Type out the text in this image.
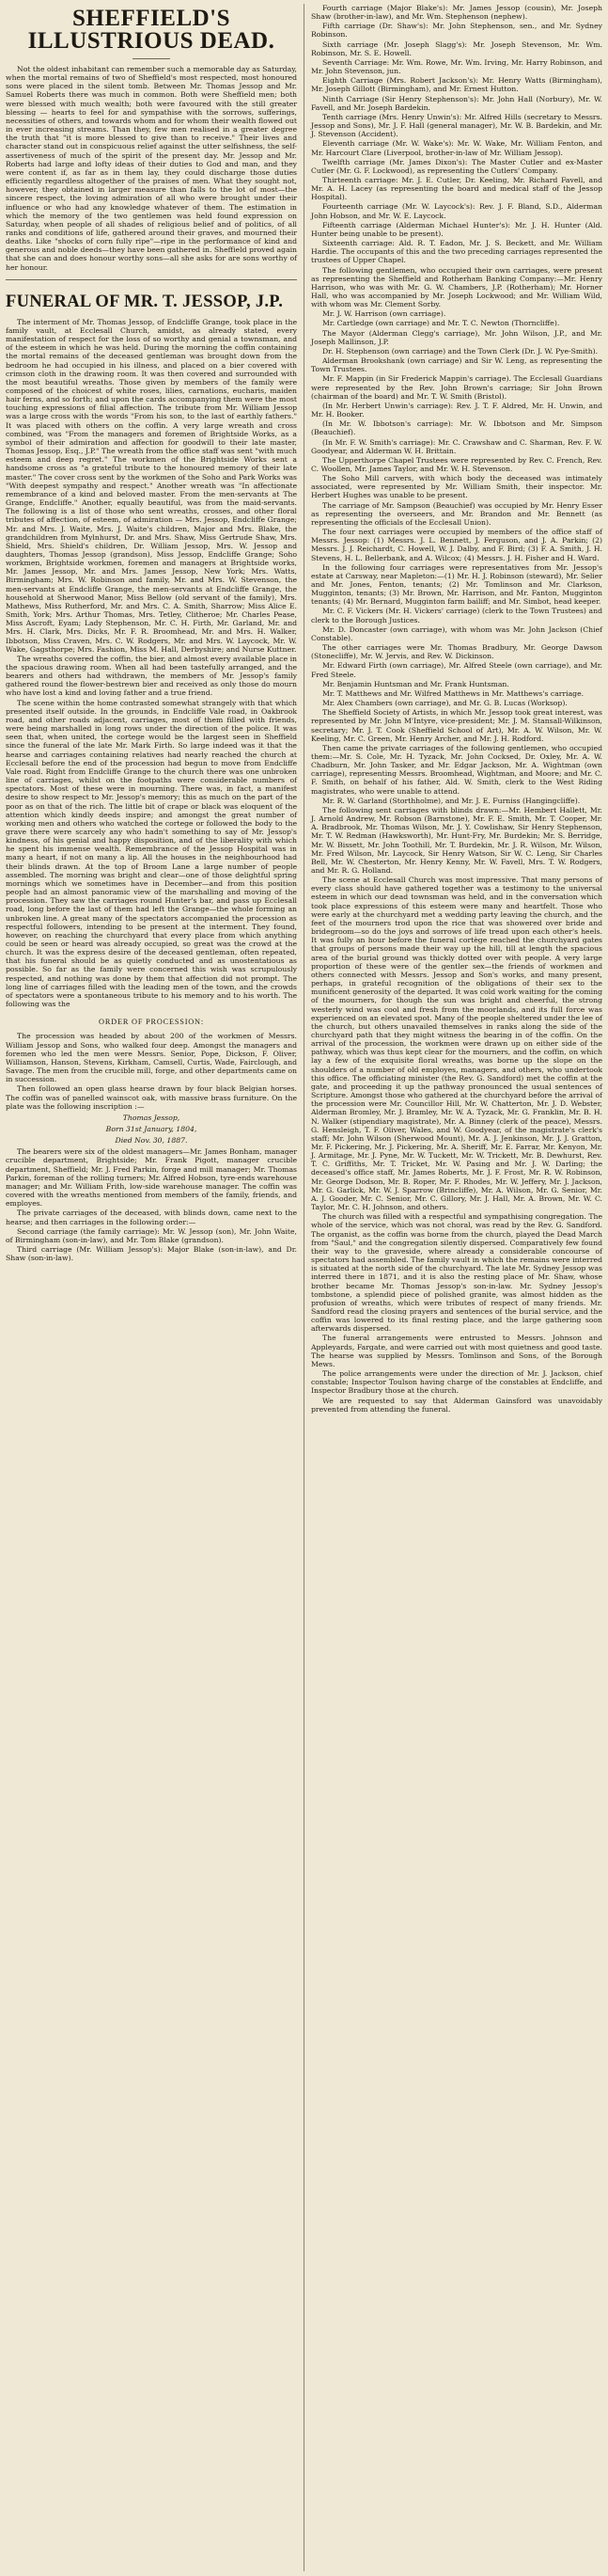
SHEFFIELD'S ILLUSTRIOUS DEAD.

Not the oldest inhabitant can remember such a memorable day as Saturday, when the mortal remains of two of Sheffield's most respected, most honoured sons were placed in the silent tomb. Between Mr. Thomas Jessop and Mr. Samuel Roberts there was much in common. Both were Sheffield men; both were blessed with much wealth; both were favoured with the still greater blessing — hearts to feel for and sympathise with the sorrows, sufferings, necessities of others, and towards whom and for whom their wealth flowed out in ever increasing streams. Than they, few men realised in a greater degree the truth that "it is more blessed to give than to receive." Their lives and character stand out in conspicuous relief against the utter selfishness, the self-assertiveness of much of the spirit of the present day. Mr. Jessop and Mr. Roberts had large and lofty ideas of their duties to God and man, and they were content if, as far as in them lay, they could discharge those duties efficiently regardless altogether of the praises of men. What they sought not, however, they obtained in larger measure than falls to the lot of most—the sincere respect, the loving admiration of all who were brought under their influence or who had any knowledge whatever of them. The estimation in which the memory of the two gentlemen was held found expression on Saturday, when people of all shades of religious belief and of politics, of all ranks and conditions of life, gathered around their graves, and mourned their deaths. Like "shocks of corn fully ripe"—ripe in the performance of kind and generous and noble deeds—they have been gathered in. Sheffield proved again that she can and does honour worthy sons—all she asks for are sons worthy of her honour.

FUNERAL OF MR. T. JESSOP, J.P.

The interment of Mr. Thomas Jessop, of Endcliffe Grange, took place in the family vault, at Ecclesall Church, amidst, as already stated, every manifestation of respect for the loss of so worthy and genial a townsman, and of the esteem in which he was held. During the morning the coffin containing the mortal remains of the deceased gentleman was brought down from the bedroom he had occupied in his illness, and placed on a bier covered with crimson cloth in the drawing room. It was then covered and surrounded with the most beautiful wreaths. Those given by members of the family were composed of the choicest of white roses, lilies, carnations, eucharis, maiden hair ferns, and so forth; and upon the cards accompanying them were the most touching expressions of filial affection. The tribute from Mr. William Jessop was a large cross with the words "From his son, to the last of earthly fathers." It was placed with others on the coffin. A very large wreath and cross combined, was "From the managers and foremen of Brightside Works, as a symbol of their admiration and affection for goodwill to their late master, Thomas Jessop, Esq., J.P." The wreath from the office staff was sent "with much esteem and deep regret." The workmen of the Brightside Works sent a handsome cross as "a grateful tribute to the honoured memory of their late master." The cover cross sent by the workmen of the Soho and Park Works was "With deepest sympathy and respect." Another wreath was "In affectionate remembrance of a kind and beloved master. From the men-servants at The Grange, Endcliffe." Another, equally beautiful, was from the maid-servants. The following is a list of those who sent wreaths, crosses, and other floral tributes of affection, of esteem, of admiration — Mrs. Jessop, Endcliffe Grange; Mr. and Mrs. J. Waite, Mrs. J. Waite's children, Major and Mrs. Blake, the grandchildren from Mylnhurst, Dr. and Mrs. Shaw, Miss Gertrude Shaw, Mrs. Shield, Mrs. Shield's children, Dr. William Jessop, Mrs. W. Jessop and daughters, Thomas Jessop (grandson), Miss Jessop, Endcliffe Grange; Soho workmen, Brightside workmen, foremen and managers at Brightside works, Mr. James Jessop, Mr. and Mrs. James Jessop, New York; Mrs. Watts, Birmingham; Mrs. W. Robinson and family, Mr. and Mrs. W. Stevenson, the men-servants at Endcliffe Grange, the men-servants at Endcliffe Grange, the household at Sherwood Manor, Miss Bellow (old servant of the family), Mrs. Mathews, Miss Rutherford, Mr. and Mrs. C. A. Smith, Sharrow; Miss Alice E. Smith, York; Mrs. Arthur Thomas, Mrs. Tetley, Clitheroe; Mr. Charles Pease, Miss Ascroft, Eyam; Lady Stephenson, Mr. C. H. Firth, Mr. Garland, Mr. and Mrs. H. Clark, Mrs. Dicks, Mr. F. R. Broomhead, Mr. and Mrs. H. Walker, Ibbotson, Miss Craven, Mrs. C. W. Rodgers, Mr. and Mrs. W. Laycock, Mr. W. Wake, Gagsthorpe; Mrs. Fashion, Miss M. Hall, Derbyshire; and Nurse Kuttner.

The wreaths covered the coffin, the bier, and almost every available place in the spacious drawing room. When all had been tastefully arranged, and the bearers and others had withdrawn, the members of Mr. Jessop's family gathered round the flower-bestrewn bier and received as only those do mourn who have lost a kind and loving father and a true friend.

The scene within the home contrasted somewhat strangely with that which presented itself outside. In the grounds, in Endcliffe Vale road, in Oakbrook road, and other roads adjacent, carriages, most of them filled with friends, were being marshalled in long rows under the direction of the police. It was seen that, when united, the cortege would be the largest seen in Sheffield since the funeral of the late Mr. Mark Firth. So large indeed was it that the hearse and carriages containing relatives had nearly reached the church at Ecclesall before the end of the procession had begun to move from Endcliffe Vale road. Right from Endcliffe Grange to the church there was one unbroken line of carriages, whilst on the footpaths were considerable numbers of spectators. Most of these were in mourning. There was, in fact, a manifest desire to show respect to Mr. Jessop's memory; this as much on the part of the poor as on that of the rich. The little bit of crape or black was eloquent of the attention which kindly deeds inspire; and amongst the great number of working men and others who watched the cortege or followed the body to the grave there were scarcely any who hadn't something to say of Mr. Jessop's kindness, of his genial and happy disposition, and of the liberality with which he spent his immense wealth. Remembrance of the Jessop Hospital was in many a heart, if not on many a lip. All the houses in the neighbourhood had their blinds drawn. At the top of Broom Lane a large number of people assembled. The morning was bright and clear—one of those delightful spring mornings which we sometimes have in December—and from this position people had an almost panoramic view of the marshalling and moving of the procession. They saw the carriages round Hunter's bar, and pass up Ecclesall road, long before the last of them had left the Grange—the whole forming an unbroken line. A great many of the spectators accompanied the procession as respectful followers, intending to be present at the interment. They found, however, on reaching the churchyard that every place from which anything could be seen or heard was already occupied, so great was the crowd at the church. It was the express desire of the deceased gentleman, often repeated, that his funeral should be as quietly conducted and as unostentatious as possible. So far as the family were concerned this wish was scrupulously respected, and nothing was done by them that affection did not prompt. The long line of carriages filled with the leading men of the town, and the crowds of spectators were a spontaneous tribute to his memory and to his worth. The following was the

ORDER OF PROCESSION:

The procession was headed by about 200 of the workmen of Messrs. William Jessop and Sons, who walked four deep. Amongst the managers and foremen who led the men were Messrs. Senior, Pope, Dickson, F. Oliver, Williamson, Hanson, Stevens, Kirkham, Camsell, Curtis, Wade, Fairclough, and Savage. The men from the crucible mill, forge, and other departments came on in succession.

Then followed an open glass hearse drawn by four black Belgian horses. The coffin was of panelled wainscot oak, with massive brass furniture. On the plate was the following inscription :—

Thomas Jessop,

Born 31st January, 1804,

Died Nov. 30, 1887.

The bearers were six of the oldest managers—Mr. James Bonham, manager crucible department, Brightside; Mr. Frank Pigott, manager crucible department, Sheffield; Mr. J. Fred Parkin, forge and mill manager; Mr. Thomas Parkin, foreman of the rolling turners; Mr. Alfred Hobson, tyre-ends warehouse manager; and Mr. William Frith, low-side warehouse manager. The coffin was covered with the wreaths mentioned from members of the family, friends, and employes.

The private carriages of the deceased, with blinds down, came next to the hearse; and then carriages in the following order:—

Second carriage (the family carriage): Mr. W. Jessop (son), Mr. John Waite, of Birmingham (son-in-law), and Mr. Tom Blake (grandson).

Third carriage (Mr. William Jessop's): Major Blake (son-in-law), and Dr. Shaw (son-in-law).

Fourth carriage (Major Blake's): Mr. James Jessop (cousin), Mr. Joseph Shaw (brother-in-law), and Mr. Wm. Stephenson (nephew).

Fifth carriage (Dr. Shaw's): Mr. John Stephenson, sen., and Mr. Sydney Robinson.

Sixth carriage (Mr. Joseph Slagg's): Mr. Joseph Stevenson, Mr. Wm. Robinson, Mr. S. E. Howell.

Seventh Carriage: Mr. Wm. Rowe, Mr. Wm. Irving, Mr. Harry Robinson, and Mr. John Stevenson, jun.

Eighth Carriage (Mrs. Robert Jackson's): Mr. Henry Watts (Birmingham), Mr. Joseph Gillott (Birmingham), and Mr. Ernest Hutton.

Ninth Carriage (Sir Henry Stephenson's): Mr. John Hall (Norbury), Mr. W. Favell, and Mr. Joseph Bardekin.

Tenth carriage (Mrs. Henry Unwin's): Mr. Alfred Hills (secretary to Messrs. Jessop and Sons), Mr. J. F. Hall (general manager), Mr. W. B. Bardekin, and Mr. J. Stevenson (Accident).

Eleventh carriage (Mr. W. Wake's): Mr. W. Wake, Mr. William Fenton, and Mr. Harcourt Clare (Liverpool, brother-in-law of Mr. William Jessop).

Twelfth carriage (Mr. James Dixon's): The Master Cutler and ex-Master Cutler (Mr. G. F. Lockwood), as representing the Cutlers' Company.

Thirteenth carriage: Mr. J. E. Cutler, Dr. Keeling, Mr. Richard Favell, and Mr. A. H. Lacey (as representing the board and medical staff of the Jessop Hospital).

Fourteenth carriage (Mr. W. Laycock's): Rev. J. F. Bland, S.D., Alderman John Hobson, and Mr. W. E. Laycock.

Fifteenth carriage (Alderman Michael Hunter's): Mr. J. H. Hunter (Ald. Hunter being unable to be present).

Sixteenth carriage: Ald. R. T. Eadon, Mr. J. S. Beckett, and Mr. William Hardie. The occupants of this and the two preceding carriages represented the trustees of Upper Chapel.

The following gentlemen, who occupied their own carriages, were present as representing the Sheffield and Rotherham Banking Company:—Mr. Henry Harrison, who was with Mr. G. W. Chambers, J.P. (Rotherham); Mr. Horner Hall, who was accompanied by Mr. Joseph Lockwood; and Mr. William Wild, with whom was Mr. Clement Sorby.

Mr. J. W. Harrison (own carriage).

Mr. Cartledge (own carriage) and Mr. T. C. Newton (Thorncliffe).

The Mayor (Alderman Clegg's carriage), Mr. John Wilson, J.P., and Mr. Joseph Mallinson, J.P.

Dr. H. Stephenson (own carriage) and the Town Clerk (Dr. J. W. Pye-Smith).

Alderman Brookshank (own carriage) and Sir W. Leng, as representing the Town Trustees.

Mr. F. Mappin (in Sir Frederick Mappin's carriage). The Ecclesall Guardians were represented by the Rev. John Brown's carriage; Sir John Brown (chairman of the board) and Mr. T. W. Smith (Bristol).

(In Mr. Herbert Unwin's carriage): Rev. J. T. F. Aldred, Mr. H. Unwin, and Mr. H. Booker.

(In Mr. W. Ibbotson's carriage): Mr. W. Ibbotson and Mr. Simpson (Beauchief).

(In Mr. F. W. Smith's carriage): Mr. C. Crawshaw and C. Sharman, Rev. F. W. Goodyear, and Alderman W. H. Brittain.

The Upperthorpe Chapel Trustees were represented by Rev. C. French, Rev. C. Woollen, Mr. James Taylor, and Mr. W. H. Stevenson.

The Soho Mill carvers, with which body the deceased was intimately associated, were represented by Mr. William Smith, their inspector. Mr. Herbert Hughes was unable to be present.

The carriage of Mr. Sampson (Beauchief) was occupied by Mr. Henry Esser as representing the overseers, and Mr. Brandon and Mr. Bennett (as representing the officials of the Ecclesall Union).

The four next carriages were occupied by members of the office staff of Messrs. Jessop: (1) Messrs. J. L. Bennett, J. Ferguson, and J. A. Parkin; (2) Messrs. J. J. Reichardt, C. Howell, W. J. Dalby, and F. Bird; (3) F. A. Smith, J. H. Stevens, H. L. Bellerbank, and A. Wilcox; (4) Messrs. J. H. Fisher and H. Ward.

In the following four carriages were representatives from Mr. Jessop's estate at Carsway, near Mapleton:—(1) Mr. H. J. Robinson (steward), Mr. Selier and Mr. Jones, Fenton, tenants; (2) Mr. Tomlinson and Mr. Clarkson, Mugginton, tenants; (3) Mr. Brown, Mr. Harrison, and Mr. Fanton, Mugginton tenants; (4) Mr. Bernard, Mugginton farm bailiff; and Mr. Simbot, head keeper.

Mr. C. F. Vickers (Mr. H. Vickers' carriage) (clerk to the Town Trustees) and clerk to the Borough Justices.

Mr. D. Doncaster (own carriage), with whom was Mr. John Jackson (Chief Constable).

The other carriages were Mr. Thomas Bradbury, Mr. George Dawson (Stonecliffe), Mr. W. Jervis, and Rev. W. Dickinson.

Mr. Edward Firth (own carriage), Mr. Alfred Steele (own carriage), and Mr. Fred Steele.

Mr. Benjamin Huntsman and Mr. Frank Huntsman.

Mr. T. Matthews and Mr. Wilfred Matthews in Mr. Matthews's carriage.

Mr. Alex Chambers (own carriage), and Mr. G. B. Lucas (Worksop).

The Sheffield Society of Artists, in which Mr. Jessop took great interest, was represented by Mr. John M'Intyre, vice-president; Mr. J. M. Stansall-Wilkinson, secretary; Mr. J. T. Cook (Sheffield School of Art), Mr. A. W. Wilson, Mr. W. Keeling, Mr. C. Green, Mr. Henry Archer, and Mr. J. H. Rodford.

Then came the private carriages of the following gentlemen, who occupied them:—Mr. S. Cole, Mr. H. Tyzack, Mr. John Cocksed, Dr. Oxley, Mr. A. W. Chadburn, Mr. John Tasker, and Mr. Edgar Jackson, Mr. A. Wightman (own carriage), representing Messrs. Broomhead, Wightman, and Moore; and Mr. C. F. Smith, on behalf of his father, Ald. W. Smith, clerk to the West Riding magistrates, who were unable to attend.

Mr. R. W. Garland (Storthholme), and Mr. J. E. Furniss (Hangingcliffe).

The following sent carriages with blinds drawn:—Mr. Hembert Hallett, Mr. J. Arnold Andrew, Mr. Robson (Barnstone), Mr. F. E. Smith, Mr. T. Cooper, Mr. A. Bradbrook, Mr. Thomas Wilson, Mr. J. Y. Cowlishaw, Sir Henry Stephenson, Mr. T. W. Redman (Hawksworth), Mr. Hunt-Fry, Mr. Burdekin; Mr. S. Berridge, Mr. W. Bissett, Mr. John Toothill, Mr. T. Burdekin, Mr. J. R. Wilson, Mr. Wilson, Mr. Fred Wilson, Mr. Laycock, Sir Henry Watson, Sir W. C. Leng, Sir Charles Bell, Mr. W. Chesterton, Mr. Henry Kenny, Mr. W. Favell, Mrs. T. W. Rodgers, and Mr. R. G. Holland.

The scene at Ecclesall Church was most impressive. That many persons of every class should have gathered together was a testimony to the universal esteem in which our dead townsman was held, and in the conversation which took place expressions of this esteem were many and heartfelt. Those who were early at the churchyard met a wedding party leaving the church, and the feet of the mourners trod upon the rice that was showered over bride and bridegroom—so do the joys and sorrows of life tread upon each other's heels. It was fully an hour before the funeral cortège reached the churchyard gates that groups of persons made their way up the hill, till at length the spacious area of the burial ground was thickly dotted over with people. A very large proportion of these were of the gentler sex—the friends of workmen and others connected with Messrs. Jessop and Son's works, and many present, perhaps, in grateful recognition of the obligations of their sex to the munificent generosity of the departed. It was cold work waiting for the coming of the mourners, for though the sun was bright and cheerful, the strong westerly wind was cool and fresh from the moorlands, and its full force was experienced on an elevated spot. Many of the people sheltered under the lee of the church, but others unavailed themselves in ranks along the side of the churchyard path that they might witness the bearing in of the coffin. On the arrival of the procession, the workmen were drawn up on either side of the pathway, which was thus kept clear for the mourners, and the coffin, on which lay a few of the exquisite floral wreaths, was borne up the slope on the shoulders of a number of old employes, managers, and others, who undertook this office. The officiating minister (the Rev. G. Sandford) met the coffin at the gate, and proceeding it up the pathway pronounced the usual sentences of Scripture. Amongst those who gathered at the churchyard before the arrival of the procession were Mr. Councillor Hill, Mr. W. Chatterton, Mr. J. D. Webster, Alderman Bromley, Mr. J. Bramley, Mr. W. A. Tyzack, Mr. G. Franklin, Mr. B. H. N. Walker (stipendiary magistrate), Mr. A. Binney (clerk of the peace), Messrs. G. Hensleigh, T. F. Oliver, Wales, and W. Goodyear, of the magistrate's clerk's staff; Mr. John Wilson (Sherwood Mount), Mr. A. J. Jenkinson, Mr. J. J. Gratton, Mr. F. Pickering, Mr. J. Pickering, Mr. A. Sheriff, Mr. E. Farrar, Mr. Kenyon, Mr. J. Armitage, Mr. J. Pyne, Mr. W. Tuckett, Mr. W. Trickett, Mr. B. Dewhurst, Rev. T. C. Griffiths, Mr. T. Tricket, Mr. W. Pasing and Mr. J. W. Darling; the deceased's office staff, Mr. James Roberts, Mr. J. F. Frost, Mr. R. W. Robinson, Mr. George Dodson, Mr. B. Roper, Mr. F. Rhodes, Mr. W. Jeffery, Mr. J. Jackson, Mr. G. Garlick, Mr. W. J. Sparrow (Brincliffe), Mr. A. Wilson, Mr. G. Senior, Mr. A. J. Gooder, Mr. C. Senior, Mr. C. Gillory, Mr. J. Hall, Mr. A. Brown, Mr. W. C. Taylor, Mr. C. H. Johnson, and others.

The church was filled with a respectful and sympathising congregation. The whole of the service, which was not choral, was read by the Rev. G. Sandford. The organist, as the coffin was borne from the church, played the Dead March from "Saul," and the congregation silently dispersed. Comparatively few found their way to the graveside, where already a considerable concourse of spectators had assembled. The family vault in which the remains were interred is situated at the north side of the churchyard. The late Mr. Sydney Jessop was interred there in 1871, and it is also the resting place of Mr. Shaw, whose brother became Mr. Thomas Jessop's son-in-law. Mr. Sydney Jessop's tombstone, a splendid piece of polished granite, was almost hidden as the profusion of wreaths, which were tributes of respect of many friends. Mr. Sandford read the closing prayers and sentences of the burial service, and the coffin was lowered to its final resting place, and the large gathering soon afterwards dispersed.

The funeral arrangements were entrusted to Messrs. Johnson and Appleyards, Fargate, and were carried out with most quietness and good taste. The hearse was supplied by Messrs. Tomlinson and Sons, of the Borough Mews.

The police arrangements were under the direction of Mr. J. Jackson, chief constable; Inspector Toulson having charge of the constables at Endcliffe, and Inspector Bradbury those at the church.

We are requested to say that Alderman Gainsford was unavoidably prevented from attending the funeral.
